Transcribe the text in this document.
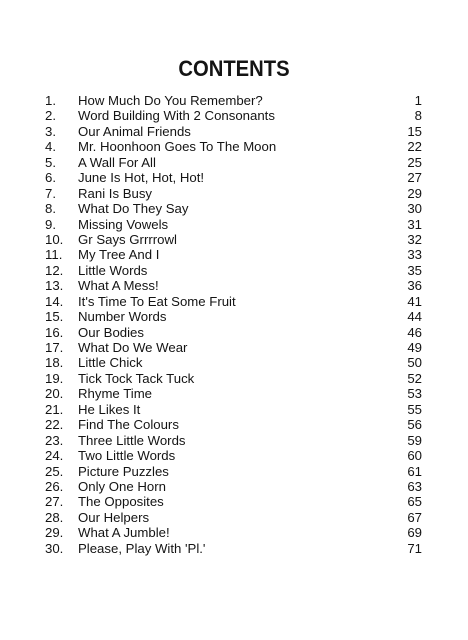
CONTENTS
1. How Much Do You Remember?	1
2. Word Building With 2 Consonants	8
3. Our Animal Friends	15
4. Mr. Hoonhoon Goes To The Moon	22
5. A Wall For All	25
6. June Is Hot, Hot, Hot!	27
7. Rani Is Busy	29
8. What Do They Say	30
9. Missing Vowels	31
10. Gr Says Grrrrowl	32
11. My Tree And I	33
12. Little Words	35
13. What A Mess!	36
14. It's Time To Eat Some Fruit	41
15. Number Words	44
16. Our Bodies	46
17. What Do We Wear	49
18. Little Chick	50
19. Tick Tock Tack Tuck	52
20. Rhyme Time	53
21. He Likes It	55
22. Find The Colours	56
23. Three Little Words	59
24. Two Little Words	60
25. Picture Puzzles	61
26. Only One Horn	63
27. The Opposites	65
28. Our Helpers	67
29. What A Jumble!	69
30. Please, Play With 'Pl.'	71
